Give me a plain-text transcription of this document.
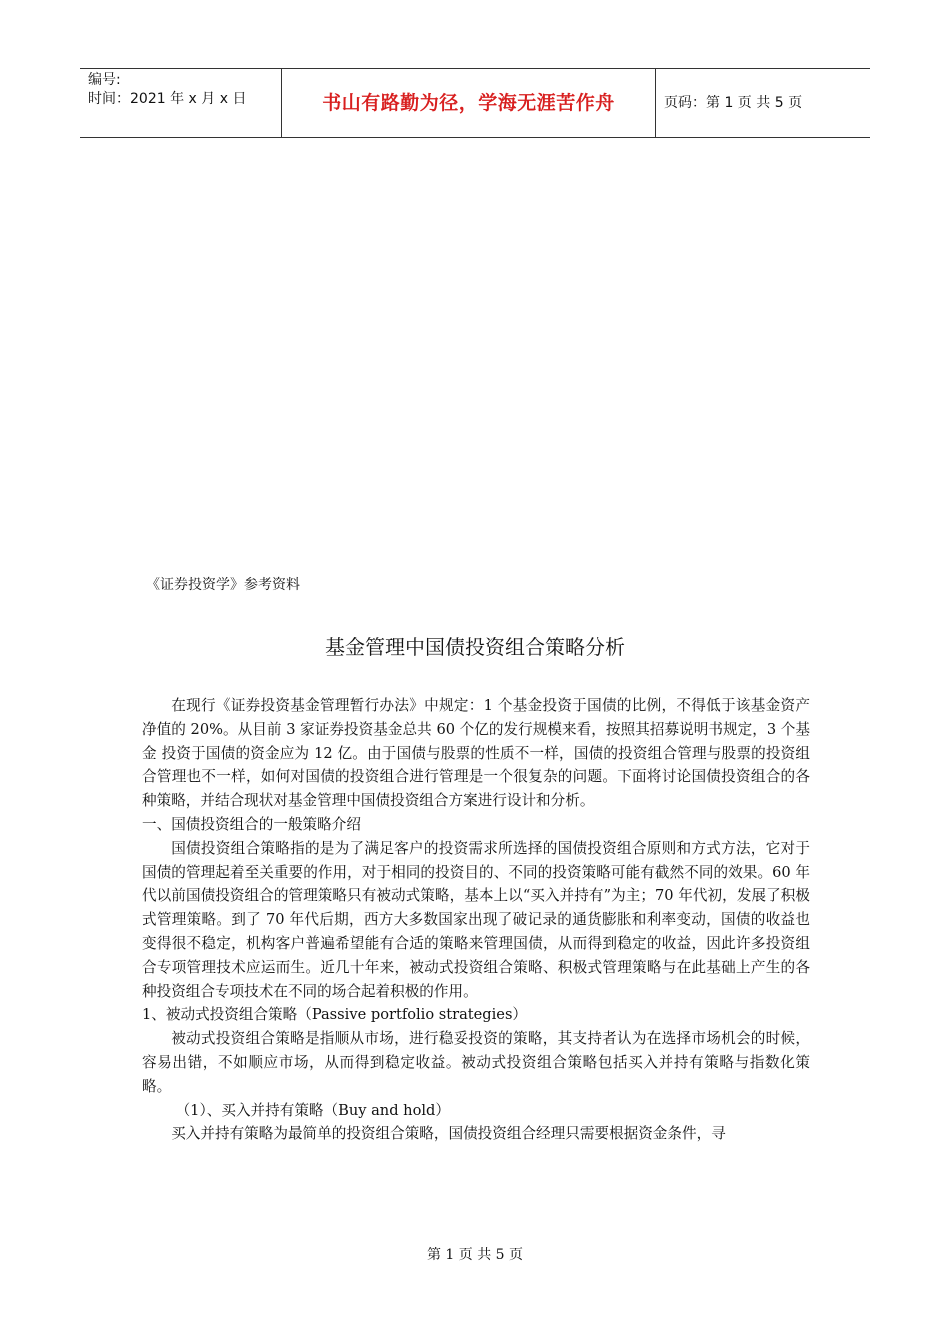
编号:
时间：2021 年 x 月 x 日	书山有路勤为径，学海无涯苦作舟	页码：第 1 页 共 5 页
《证券投资学》参考资料
基金管理中国债投资组合策略分析

在现行《证券投资基金管理暂行办法》中规定：1 个基金投资于国债的比例，不得低于该基金资产净值的 20%。从目前 3 家证券投资基金总共 60 个亿的发行规模来看，按照其招募说明书规定，3 个基金 投资于国债的资金应为 12 亿。由于国债与股票的性质不一样，国债的投资组合管理与股票的投资组合管理也不一样，如何对国债的投资组合进行管理是一个很复杂的问题。下面将讨论国债投资组合的各种策略，并结合现状对基金管理中国债投资组合方案进行设计和分析。

一、国债投资组合的一般策略介绍

国债投资组合策略指的是为了满足客户的投资需求所选择的国债投资组合原则和方式方法，它对于国债的管理起着至关重要的作用，对于相同的投资目的、不同的投资策略可能有截然不同的效果。60 年代以前国债投资组合的管理策略只有被动式策略，基本上以“买入并持有”为主；70 年代初，发展了积极式管理策略。到了 70 年代后期，西方大多数国家出现了破记录的通货膨胀和利率变动，国债的收益也变得很不稳定，机构客户普遍希望能有合适的策略来管理国债，从而得到稳定的收益，因此许多投资组合专项管理技术应运而生。近几十年来，被动式投资组合策略、积极式管理策略与在此基础上产生的各种投资组合专项技术在不同的场合起着积极的作用。

1、被动式投资组合策略（Passive portfolio strategies）

被动式投资组合策略是指顺从市场，进行稳妥投资的策略，其支持者认为在选择市场机会的时候，容易出错，不如顺应市场，从而得到稳定收益。被动式投资组合策略包括买入并持有策略与指数化策略。

（1）、买入并持有策略（Buy and hold）

买入并持有策略为最简单的投资组合策略，国债投资组合经理只需要根据资金条件，寻

第 1 页 共 5 页
